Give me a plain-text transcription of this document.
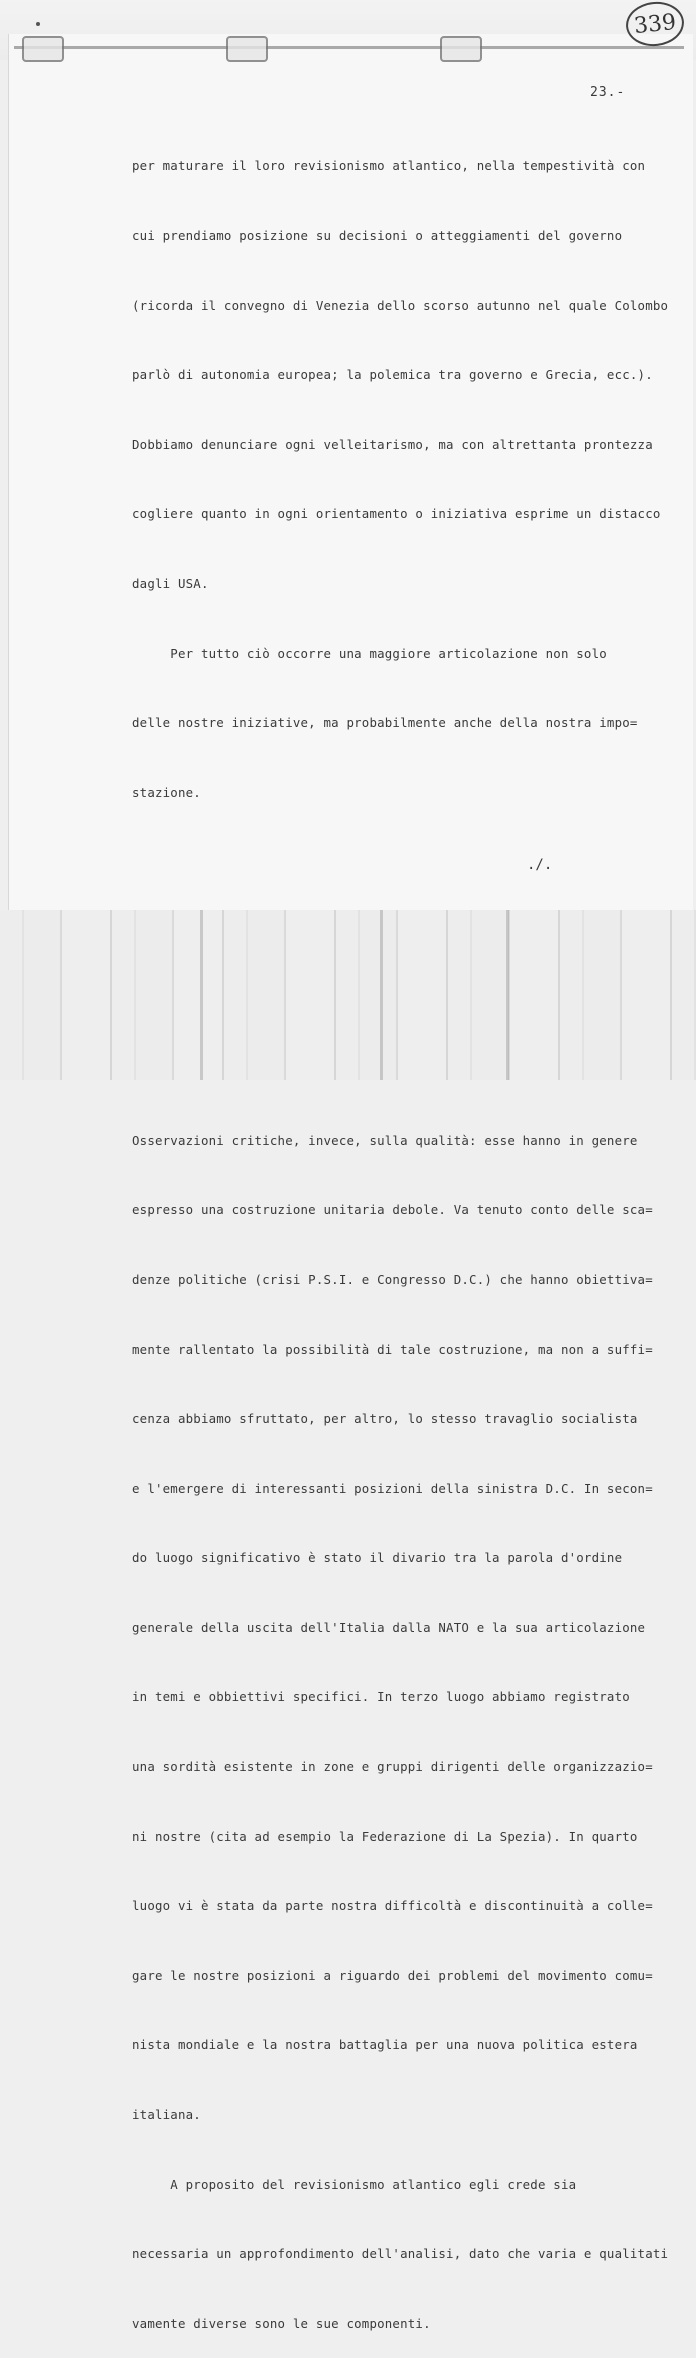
339
23.-

per maturare il loro revisionismo atlantico, nella tempestività con

cui prendiamo posizione su decisioni o atteggiamenti del governo

(ricorda il convegno di Venezia dello scorso autunno nel quale Colombo

parlò di autonomia europea; la polemica tra governo e Grecia, ecc.).

Dobbiamo denunciare ogni velleitarismo, ma con altrettanta prontezza

cogliere quanto in ogni orientamento o iniziativa esprime un distacco

dagli USA.

Per tutto ciò occorre una maggiore articolazione non solo

delle nostre iniziative, ma probabilmente anche della nostra impo=

stazione.

Osservazioni critiche, invece, sulla qualità: esse hanno in genere

espresso una costruzione unitaria debole. Va tenuto conto delle sca=

denze politiche (crisi P.S.I. e Congresso D.C.) che hanno obiettiva=

mente rallentato la possibilità di tale costruzione, ma non a suffi=

cenza abbiamo sfruttato, per altro, lo stesso travaglio socialista

e l'emergere di interessanti posizioni della sinistra D.C. In secon=

do luogo significativo è stato il divario tra la parola d'ordine

generale della uscita dell'Italia dalla NATO e la sua articolazione

in temi e obbiettivi specifici. In terzo luogo abbiamo registrato

una sordità esistente in zone e gruppi dirigenti delle organizzazio=

ni nostre (cita ad esempio la Federazione di La Spezia). In quarto

luogo vi è stata da parte nostra difficoltà e discontinuità a colle=

gare le nostre posizioni a riguardo dei problemi del movimento comu=

nista mondiale e la nostra battaglia per una nuova politica estera

italiana.

A proposito del revisionismo atlantico egli crede sia

necessaria un approfondimento dell'analisi, dato che varia e qualitati

vamente diverse sono le sue componenti.

./.
